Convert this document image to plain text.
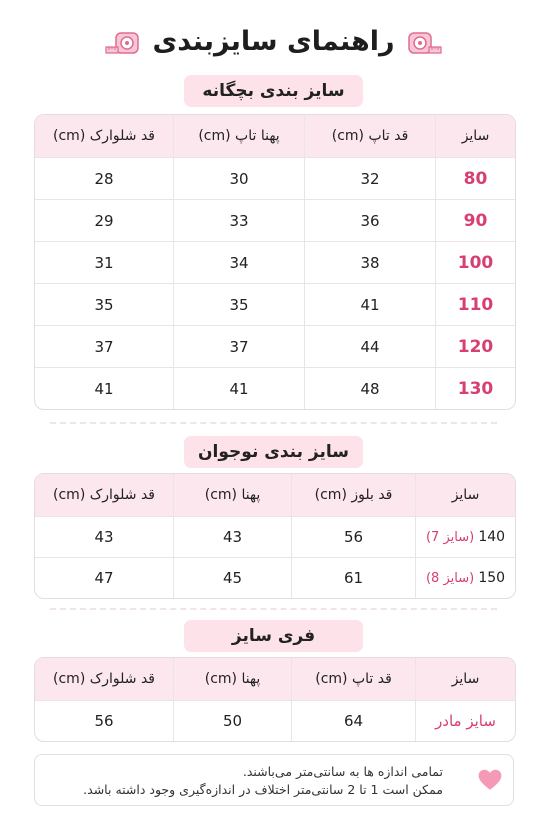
راهنمای سایزبندی
سایز بندی بچگانه
سایز
قد تاپ (cm)
پهنا تاپ (cm)
قد شلوارک (cm)
80
32
30
28
90
36
33
29
100
38
34
31
110
41
35
35
120
44
37
37
130
48
41
41
سایز بندی نوجوان
سایز
قد بلوز (cm)
پهنا (cm)
قد شلوارک (cm)
140

(سایز 7)
56
43
43
150

(سایز 8)
61
45
47
فری سایز
سایز
قد تاپ (cm)
پهنا (cm)
قد شلوارک (cm)
سایز مادر
64
50
56
تمامی اندازه ها به سانتی‌متر می‌باشند.
ممکن است 1 تا 2 سانتی‌متر اختلاف در اندازه‌گیری وجود داشته باشد.
